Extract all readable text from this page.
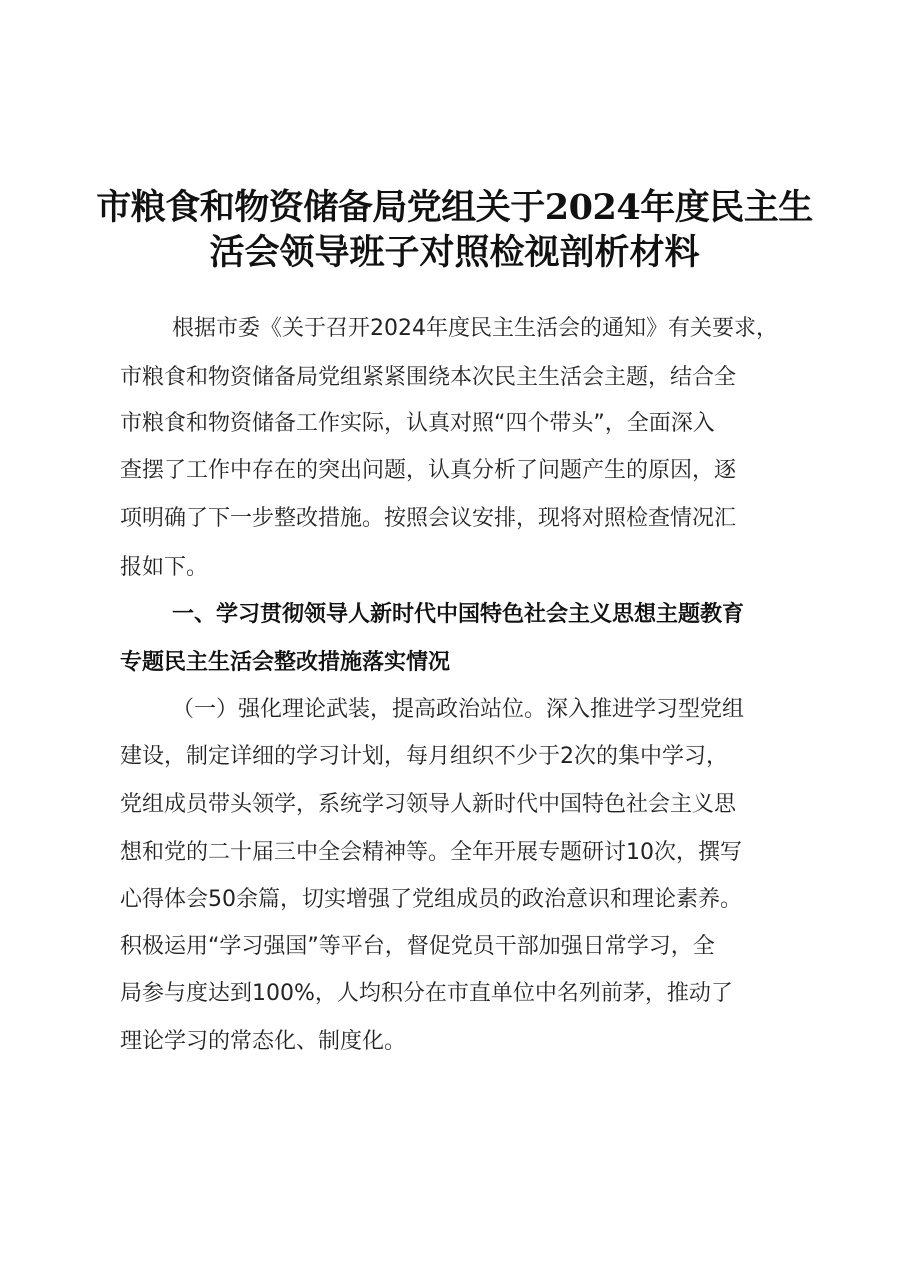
市粮食和物资储备局党组关于2024年度民主生
活会领导班子对照检视剖析材料
根据市委《关于召开2024年度民主生活会的通知》有关要求，
市粮食和物资储备局党组紧紧围绕本次民主生活会主题，结合全
市粮食和物资储备工作实际，认真对照“四个带头”，全面深入
查摆了工作中存在的突出问题，认真分析了问题产生的原因，逐
项明确了下一步整改措施。按照会议安排，现将对照检查情况汇
报如下。
一、学习贯彻领导人新时代中国特色社会主义思想主题教育
专题民主生活会整改措施落实情况
（一）强化理论武装，提高政治站位。深入推进学习型党组
建设，制定详细的学习计划，每月组织不少于2次的集中学习，
党组成员带头领学，系统学习领导人新时代中国特色社会主义思
想和党的二十届三中全会精神等。全年开展专题研讨10次，撰写
心得体会50余篇，切实增强了党组成员的政治意识和理论素养。
积极运用“学习强国”等平台，督促党员干部加强日常学习，全
局参与度达到100%，人均积分在市直单位中名列前茅，推动了
理论学习的常态化、制度化。
